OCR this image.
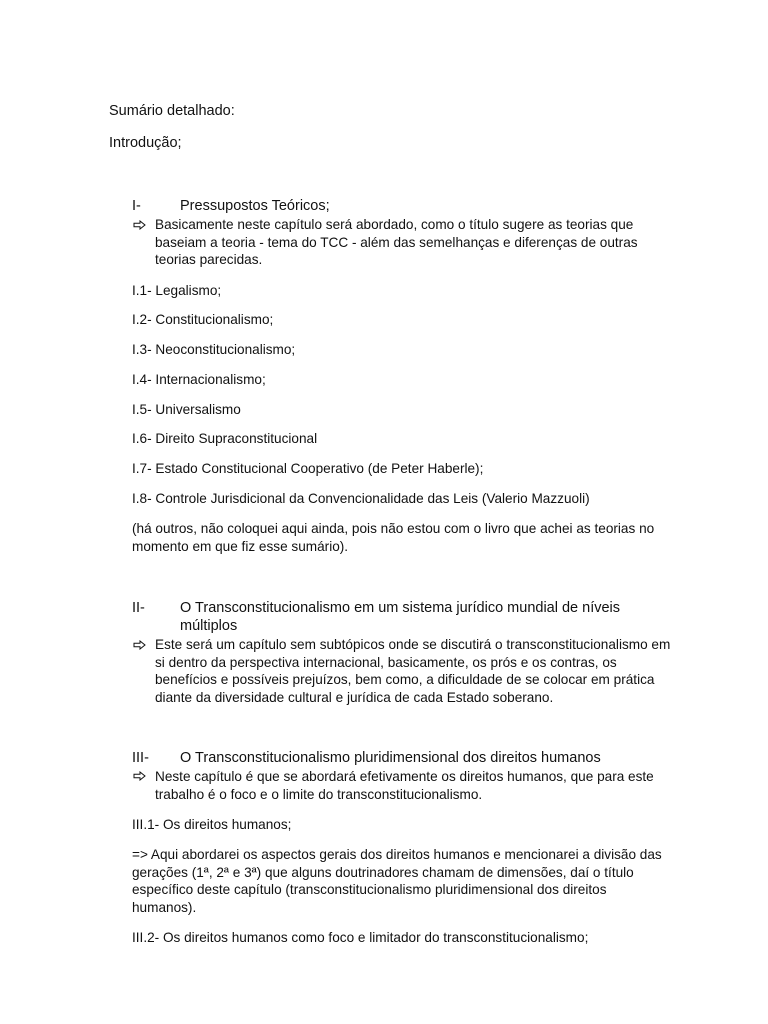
Sumário detalhado:
Introdução;
I-	Pressupostos Teóricos;
Basicamente neste capítulo será abordado, como o título sugere as teorias que
baseiam a teoria - tema do TCC - além das semelhanças e diferenças de outras
teorias parecidas.
I.1- Legalismo;
I.2- Constitucionalismo;
I.3- Neoconstitucionalismo;
I.4- Internacionalismo;
I.5- Universalismo
I.6- Direito Supraconstitucional
I.7- Estado Constitucional Cooperativo (de Peter Haberle);
I.8- Controle Jurisdicional da Convencionalidade das Leis (Valerio Mazzuoli)
(há outros, não coloquei aqui ainda, pois não estou com o livro que achei as teorias no
momento em que fiz esse sumário).
II- O Transconstitucionalismo em um sistema jurídico mundial de níveis
múltiplos
Este será um capítulo sem subtópicos onde se discutirá o transconstitucionalismo em
si dentro da perspectiva internacional, basicamente, os prós e os contras, os
benefícios e possíveis prejuízos, bem como, a dificuldade de se colocar em prática
diante da diversidade cultural e jurídica de cada Estado soberano.
III- O Transconstitucionalismo pluridimensional dos direitos humanos
Neste capítulo é que se abordará efetivamente os direitos humanos, que para este
trabalho é o foco e o limite do transconstitucionalismo.
III.1- Os direitos humanos;
=> Aqui abordarei os aspectos gerais dos direitos humanos e mencionarei a divisão das
gerações (1ª, 2ª e 3ª) que alguns doutrinadores chamam de dimensões, daí o título
específico deste capítulo (transconstitucionalismo pluridimensional dos direitos
humanos).
III.2- Os direitos humanos como foco e limitador do transconstitucionalismo;
